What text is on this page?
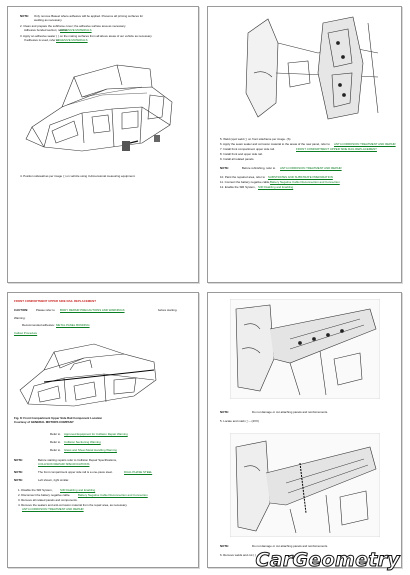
NOTE: Only remove Baseel where adhesive will be applied. Preserve all priming surfaces for
welding as necessary.
2. Clean and prepare the subframe cover; the adhesive surface area as necessary.
Adhesive bonded section; refer to
ADHESIVE MATERIALS
3. Apply an adhesive sealer ( ) on the mating surfaces from all above areas of our vehicle as necessary.
If adhesive is used, refer to
ADHESIVE MATERIALS
4. Position sidewall as per image ( ) on vehicle using 3-dimensional measuring equipment.
5. Weld (spot weld ( ) on front sideframe per image. (S)
6. Apply the seam sealer and corrosion material to the areas of the new panel, refer to ANTI-CORROSION TREATMENT AND REPAIR
7. Install front compartment upper side rail.	FRONT COMPARTMENT UPPER SIDE RAIL REPLACEMENT
8. Install front and upper side rail.
9. Install all related panels.
NOTE:	Before refinishing, refer to ANTI-CORROSION TREATMENT AND REPAIR
10. Paint the repaired area, refer to SUBSTRATES AND SUBSTRATE PREPARATION
11. Connect the battery negative cable, Battery Negative Cable Disconnection and Connection
12. Enable the SIR System, SIR Disabling and Enabling
FRONT COMPARTMENT UPPER SIDE RAIL REPLACEMENT
CAUTION:	Please refer to BODY REPAIR PRECAUTIONS AND WARNINGS	before starting.
Warning:
Recommended adhesive: METAL PANEL BONDING
Callout Procedure
Fig. 8: Front Compartment Upper Side Rail Component Location
Courtesy of GENERAL MOTORS COMPANY
Refer to Approved Equipment for Collision Repair Warning
Refer to Collision Sectioning Warning
Refer to Glass and Sheet Metal Handling Warning
NOTE:	Before starting repairs refer to Collision Repair Specifications,
COLLISION REPAIR SPECIFICATIONS
NOTE:	The front compartment upper side rail is a one-piece steel.	DUAL PHASE STEEL
NOTE:	Left shown, right similar.
1. Disable the SIR System,	SIR Disabling and Enabling
2. Disconnect the battery negative cable.	Battery Negative Cable Disconnection and Connection
3. Remove all related panels and components.
4. Remove the sealers and anti-corrosion material from the repair area, as necessary.
ANTI-CORROSION TREATMENT AND REPAIR
NOTE:	Do not damage or cut attaching panels and reinforcements.
5. Locate and mark ( ) – (2XX)
NOTE:	Do not damage or cut attaching panels and reinforcements.
6. Remove welds and cut ( ) CarGeometry
